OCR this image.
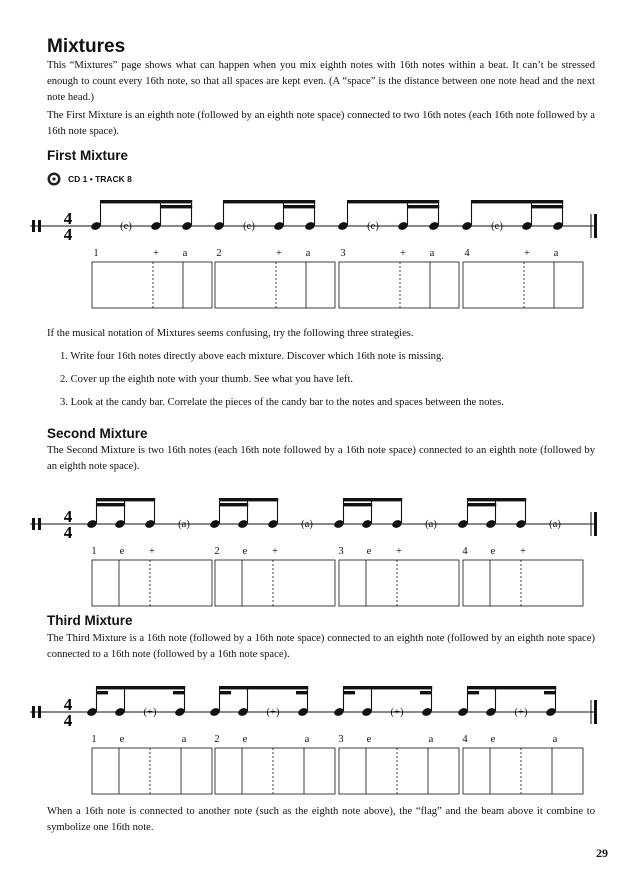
Mixtures
This “Mixtures” page shows what can happen when you mix eighth notes with 16th notes within a beat. It can’t be stressed enough to count every 16th note, so that all spaces are kept even. (A “space” is the distance between one note head and the next note head.)
The First Mixture is an eighth note (followed by an eighth note space) connected to two 16th notes (each 16th note followed by a 16th note space).
First Mixture
CD 1 • TRACK 8
4
4	(e)	(e)	(e)	(e)
1	+ a	2	+ a	3	+ a	4	+ a
If the musical notation of Mixtures seems confusing, try the following three strategies.
1. Write four 16th notes directly above each mixture. Discover which 16th note is missing.
2. Cover up the eighth note with your thumb. See what you have left.
3. Look at the candy bar. Correlate the pieces of the candy bar to the notes and spaces between the notes.
Second Mixture
The Second Mixture is two 16th notes (each 16th note followed by a 16th note space) connected to an eighth note (followed by an eighth note space).
4
4	(a)	(a)	(a)	(a)
1 e +	2 e +	3 e +	4 e +
Third Mixture
The Third Mixture is a 16th note (followed by a 16th note space) connected to an eighth note (followed by an eighth note space) connected to a 16th note (followed by a 16th note space).
4
4	(+)	(+)	(+)	(+)
1 e	a	2 e	a	3 e	a	4 e	a
When a 16th note is connected to another note (such as the eighth note above), the “flag” and the beam above it combine to symbolize one 16th note.
29
